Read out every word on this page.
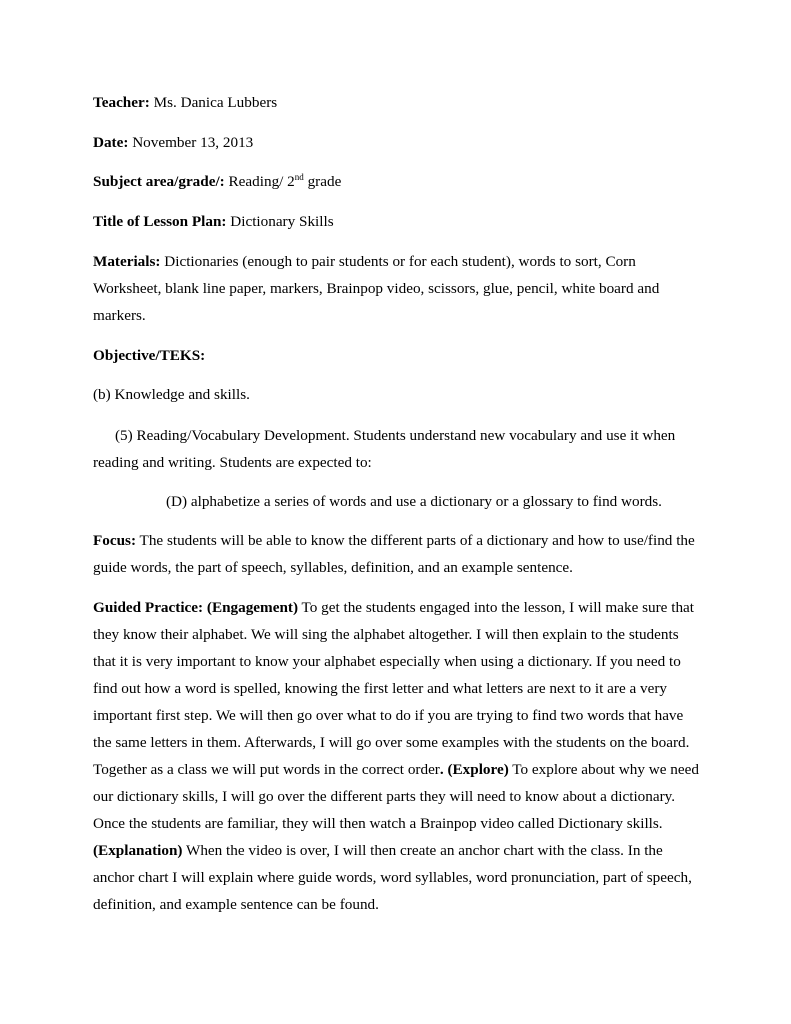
Teacher: Ms. Danica Lubbers

Date: November 13, 2013

Subject area/grade/: Reading/ 2nd grade

Title of Lesson Plan: Dictionary Skills

Materials: Dictionaries (enough to pair students or for each student), words to sort, Corn Worksheet, blank line paper, markers, Brainpop video, scissors, glue, pencil, white board and markers.

Objective/TEKS:

(b) Knowledge and skills.

(5) Reading/Vocabulary Development. Students understand new vocabulary and use it when reading and writing. Students are expected to:

(D) alphabetize a series of words and use a dictionary or a glossary to find words.

Focus: The students will be able to know the different parts of a dictionary and how to use/find the guide words, the part of speech, syllables, definition, and an example sentence.

Guided Practice: (Engagement) To get the students engaged into the lesson, I will make sure that they know their alphabet. We will sing the alphabet altogether. I will then explain to the students that it is very important to know your alphabet especially when using a dictionary. If you need to find out how a word is spelled, knowing the first letter and what letters are next to it are a very important first step. We will then go over what to do if you are trying to find two words that have the same letters in them. Afterwards, I will go over some examples with the students on the board. Together as a class we will put words in the correct order. (Explore) To explore about why we need our dictionary skills, I will go over the different parts they will need to know about a dictionary. Once the students are familiar, they will then watch a Brainpop video called Dictionary skills. (Explanation) When the video is over, I will then create an anchor chart with the class. In the anchor chart I will explain where guide words, word syllables, word pronunciation, part of speech, definition, and example sentence can be found.
